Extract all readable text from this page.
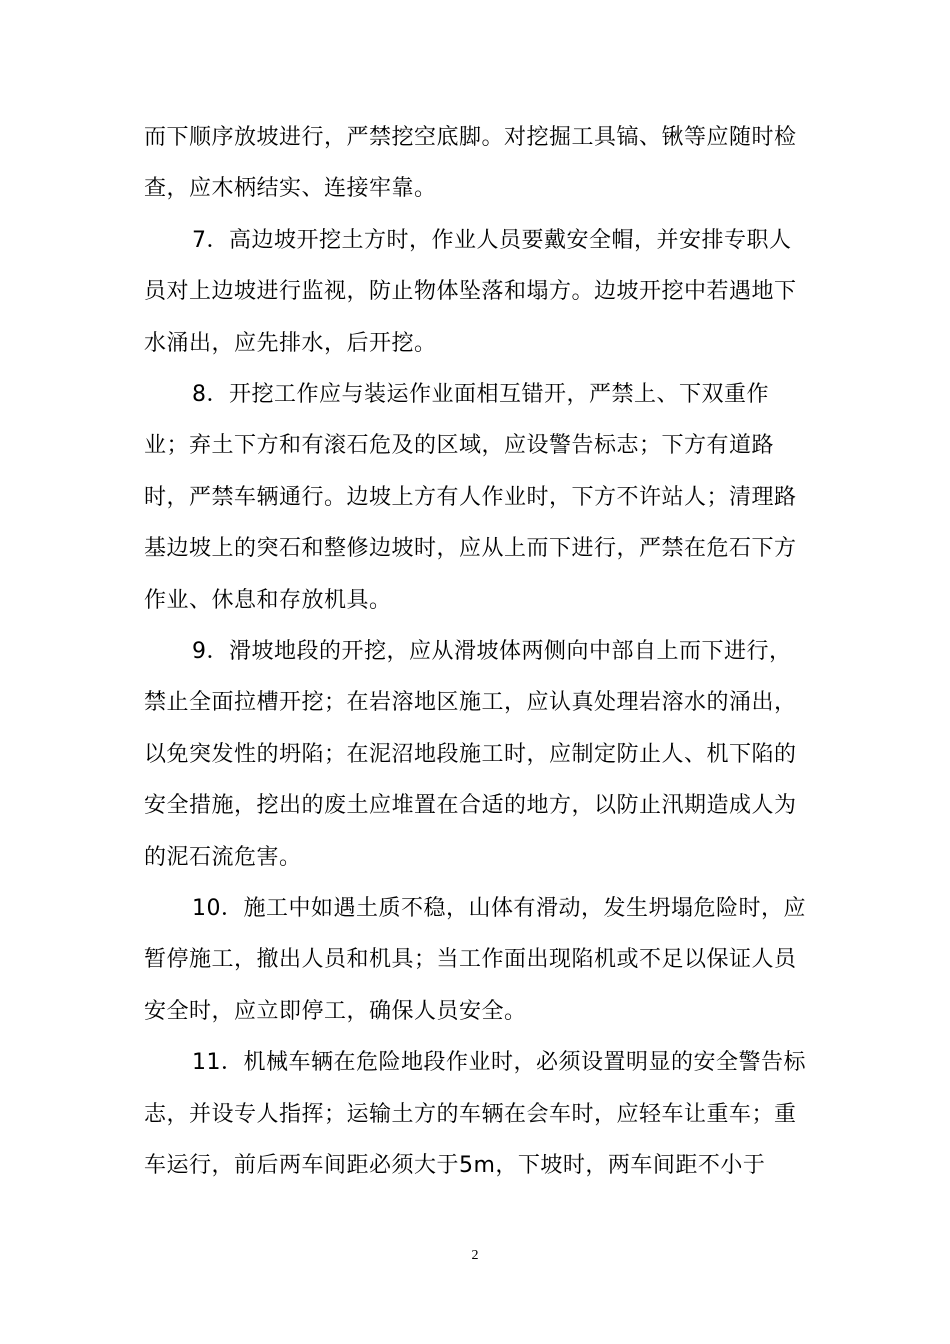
而下顺序放坡进行，严禁挖空底脚。对挖掘工具镐、锹等应随时检
查，应木柄结实、连接牢靠。
7．高边坡开挖土方时，作业人员要戴安全帽，并安排专职人
员对上边坡进行监视，防止物体坠落和塌方。边坡开挖中若遇地下
水涌出，应先排水，后开挖。
8．开挖工作应与装运作业面相互错开，严禁上、下双重作
业；弃土下方和有滚石危及的区域，应设警告标志；下方有道路
时，严禁车辆通行。边坡上方有人作业时，下方不许站人；清理路
基边坡上的突石和整修边坡时，应从上而下进行，严禁在危石下方
作业、休息和存放机具。
9．滑坡地段的开挖，应从滑坡体两侧向中部自上而下进行，
禁止全面拉槽开挖；在岩溶地区施工，应认真处理岩溶水的涌出，
以免突发性的坍陷；在泥沼地段施工时，应制定防止人、机下陷的
安全措施，挖出的废土应堆置在合适的地方，以防止汛期造成人为
的泥石流危害。
10．施工中如遇土质不稳，山体有滑动，发生坍塌危险时，应
暂停施工，撤出人员和机具；当工作面出现陷机或不足以保证人员
安全时，应立即停工，确保人员安全。
11．机械车辆在危险地段作业时，必须设置明显的安全警告标
志，并设专人指挥；运输土方的车辆在会车时，应轻车让重车；重
车运行，前后两车间距必须大于5m，下坡时，两车间距不小于
2
